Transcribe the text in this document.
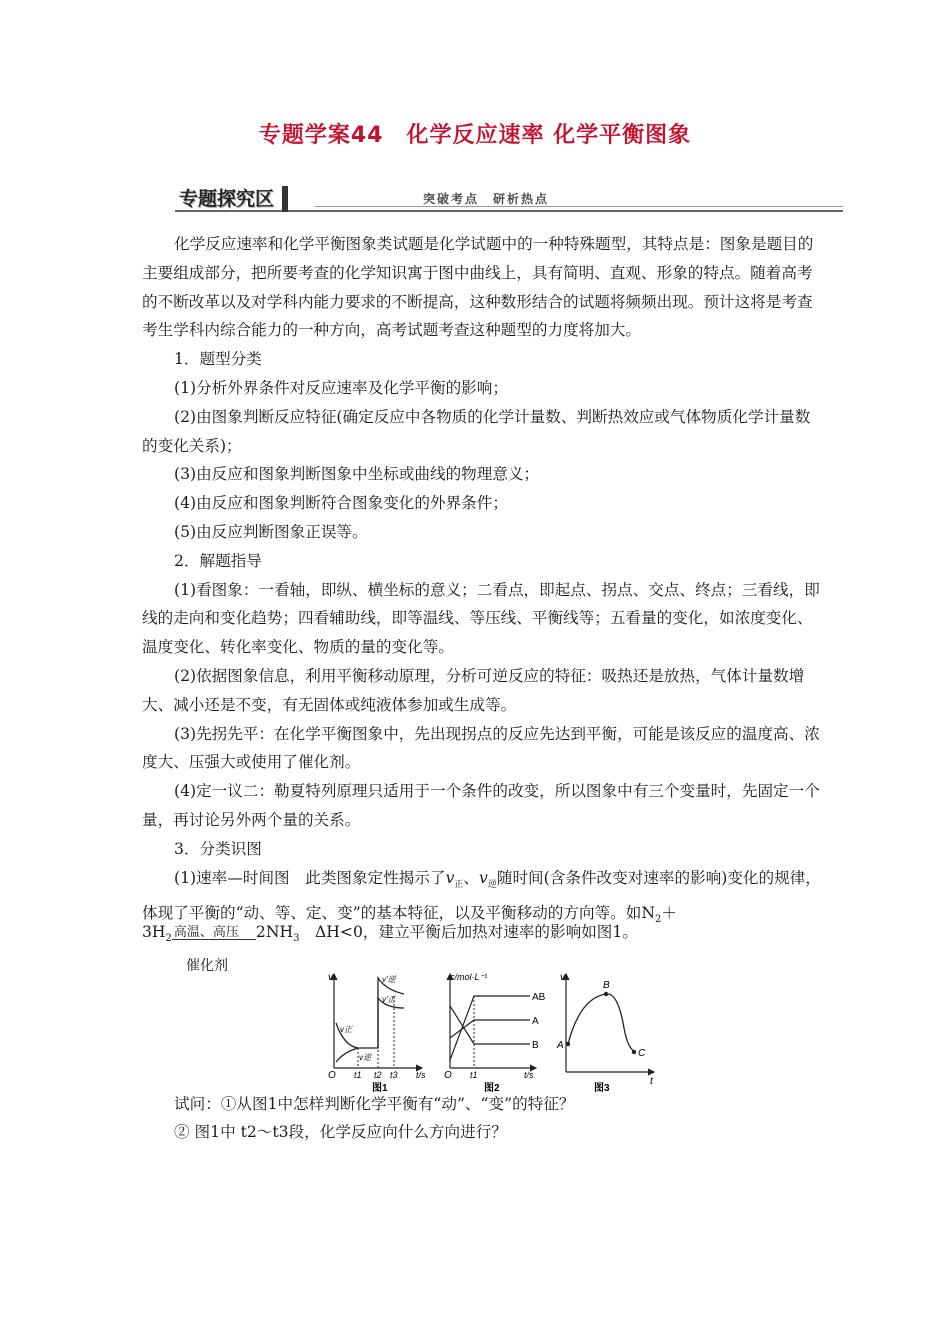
专题学案44　化学反应速率 化学平衡图象
专题探究区	突破考点　研析热点

化学反应速率和化学平衡图象类试题是化学试题中的一种特殊题型，其特点是：图象是题目的主要组成部分，把所要考查的化学知识寓于图中曲线上，具有简明、直观、形象的特点。随着高考的不断改革以及对学科内能力要求的不断提高，这种数形结合的试题将频频出现。预计这将是考查考生学科内综合能力的一种方向，高考试题考查这种题型的力度将加大。

1．题型分类

(1)分析外界条件对反应速率及化学平衡的影响；

(2)由图象判断反应特征(确定反应中各物质的化学计量数、判断热效应或气体物质化学计量数的变化关系)；

(3)由反应和图象判断图象中坐标或曲线的物理意义；

(4)由反应和图象判断符合图象变化的外界条件；

(5)由反应判断图象正误等。

2．解题指导

(1)看图象：一看轴，即纵、横坐标的意义；二看点，即起点、拐点、交点、终点；三看线，即线的走向和变化趋势；四看辅助线，即等温线、等压线、平衡线等；五看量的变化，如浓度变化、温度变化、转化率变化、物质的量的变化等。

(2)依据图象信息，利用平衡移动原理，分析可逆反应的特征：吸热还是放热，气体计量数增大、减小还是不变，有无固体或纯液体参加或生成等。

(3)先拐先平：在化学平衡图象中，先出现拐点的反应先达到平衡，可能是该反应的温度高、浓度大、压强大或使用了催化剂。

(4)定一议二：勒夏特列原理只适用于一个条件的改变，所以图象中有三个变量时，先固定一个量，再讨论另外两个量的关系。

3．分类识图

(1)速率—时间图　此类图象定性揭示了$v_正$、$v_逆$随时间(含条件改变对速率的影响)变化的规律，体现了平衡的“动、等、定、变”的基本特征，以及平衡移动的方向等。如$N_2+$

$3H_2$ 高温、高压 $2NH_3$　ΔH<0，建立平衡后加热对速率的影响如图1。
催化剂
v
O	t/s
t1 t2 t3
v正
v逆
v'逆
v'正
图1
c/mol·L⁻¹
O t1	t/s
AB
A
B
图2
v
t
A
B
C
图3
试问：①从图1中怎样判断化学平衡有“动”、“变”的特征？
② 图1中 t2～t3段，化学反应向什么方向进行？
